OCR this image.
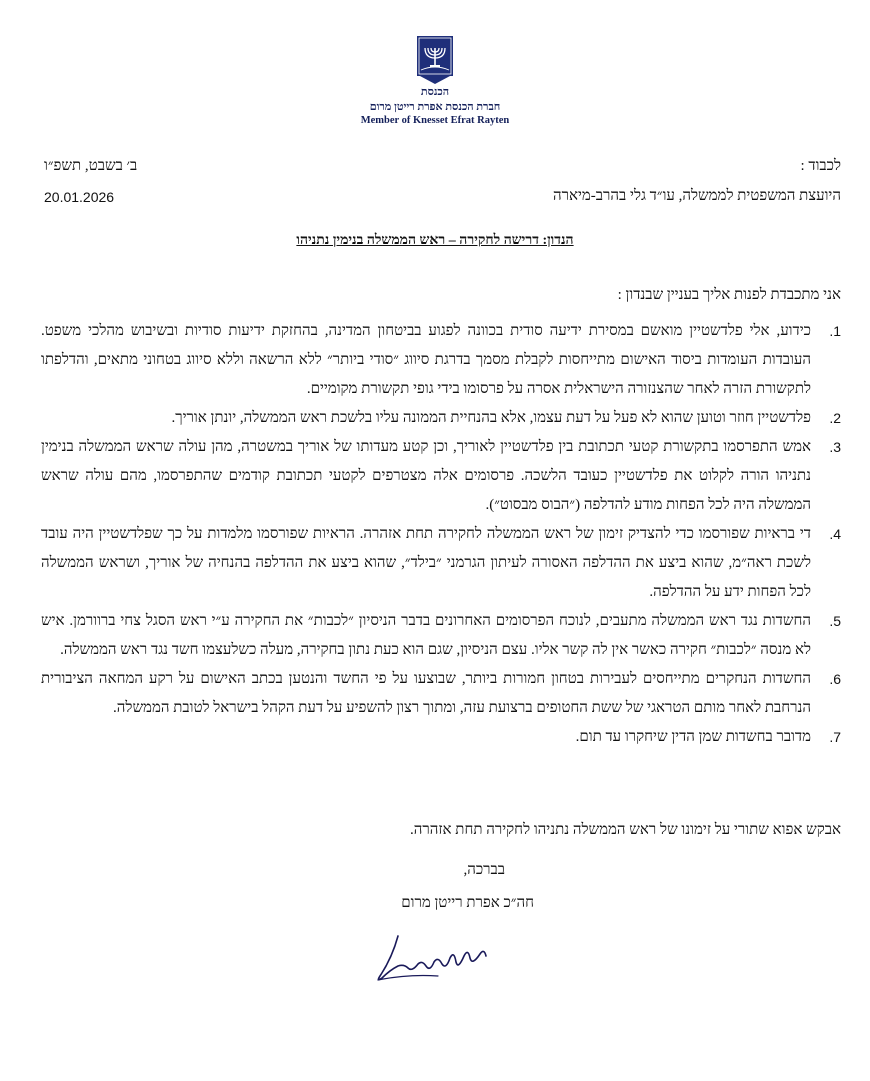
הכנסת
חברת הכנסת אפרת רייטן מרום
Member of Knesset Efrat Rayten
לכבוד :
היועצת המשפטית לממשלה, עו״ד גלי בהרב-מיארה
ב׳ בשבט, תשפ״ו
20.01.2026
הנדון: דרישה לחקירה – ראש הממשלה בנימין נתניהו
אני מתכבדת לפנות אליך בעניין שבנדון :
1.
כידוע, אלי פלדשטיין מואשם במסירת ידיעה סודית בכוונה לפגוע בביטחון המדינה, בהחזקת ידיעות סודיות ובשיבוש מהלכי משפט. העובדות העומדות ביסוד האישום מתייחסות לקבלת מסמך בדרגת סיווג ״סודי ביותר״ ללא הרשאה וללא סיווג בטחוני מתאים, והדלפתו לתקשורת הזרה לאחר שהצנזורה הישראלית אסרה על פרסומו בידי גופי תקשורת מקומיים.
2.
פלדשטיין חוזר וטוען שהוא לא פעל על דעת עצמו, אלא בהנחיית הממונה עליו בלשכת ראש הממשלה, יונתן אוריך.
3.
אמש התפרסמו בתקשורת קטעי תכתובת בין פלדשטיין לאוריך, וכן קטע מעדותו של אוריך במשטרה, מהן עולה שראש הממשלה בנימין נתניהו הורה לקלוט את פלדשטיין כעובד הלשכה. פרסומים אלה מצטרפים לקטעי תכתובת קודמים שהתפרסמו, מהם עולה שראש הממשלה היה לכל הפחות מודע להדלפה (״הבוס מבסוט״).
4.
די בראיות שפורסמו כדי להצדיק זימון של ראש הממשלה לחקירה תחת אזהרה. הראיות שפורסמו מלמדות על כך שפלדשטיין היה עובד לשכת ראה״מ, שהוא ביצע את ההדלפה האסורה לעיתון הגרמני ״בילד״, שהוא ביצע את ההדלפה בהנחיה של אוריך, ושראש הממשלה לכל הפחות ידע על ההדלפה.
5.
החשדות נגד ראש הממשלה מתעבים, לנוכח הפרסומים האחרונים בדבר הניסיון ״לכבות״ את החקירה ע״י ראש הסגל צחי ברוורמן. איש לא מנסה ״לכבות״ חקירה כאשר אין לה קשר אליו. עצם הניסיון, שגם הוא כעת נתון בחקירה, מעלה כשלעצמו חשד נגד ראש הממשלה.
6.
החשדות הנחקרים מתייחסים לעבירות בטחון חמורות ביותר, שבוצעו על פי החשד והנטען בכתב האישום על רקע המחאה הציבורית הנרחבת לאחר מותם הטראגי של ששת החטופים ברצועת עזה, ומתוך רצון להשפיע על דעת הקהל בישראל לטובת הממשלה.
7.
מדובר בחשדות שמן הדין שיחקרו עד תום.
אבקש אפוא שתורי על זימונו של ראש הממשלה נתניהו לחקירה תחת אזהרה.
בברכה,
חה״כ אפרת רייטן מרום
